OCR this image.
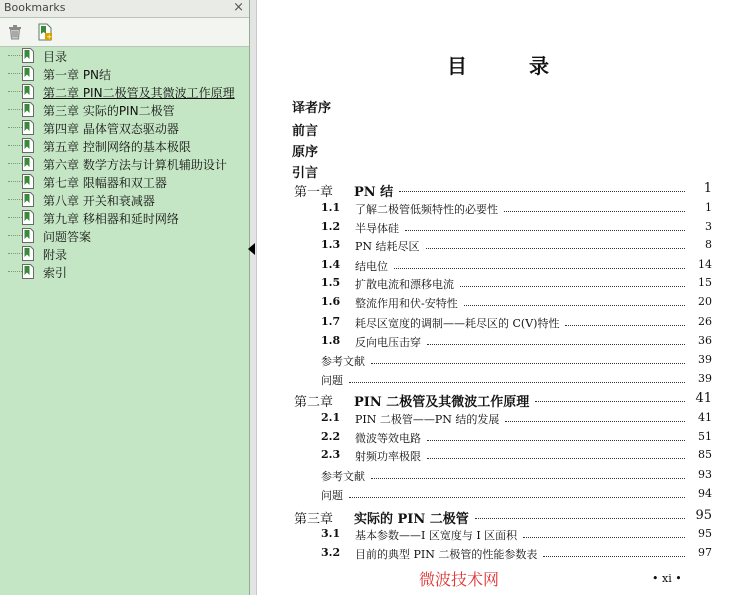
Bookmarks	×
+
目录
第一章 PN结
第二章 PIN二极管及其微波工作原理
第三章 实际的PIN二极管
第四章 晶体管双态驱动器
第五章 控制网络的基本极限
第六章 数学方法与计算机辅助设计
第七章 限幅器和双工器
第八章 开关和衰减器
第九章 移相器和延时网络
问题答案
附录
索引
目	录
译者序
前言
原序
引言
第一章 PN 结	1
1.1 了解二极管低频特性的必要性	1
1.2 半导体硅	3
1.3 PN 结耗尽区	8
1.4 结电位	14
1.5 扩散电流和漂移电流	15
1.6 整流作用和伏-安特性	20
1.7 耗尽区宽度的调制——耗尽区的 C(V)特性	26
1.8 反向电压击穿	36
参考文献	39
问题	39
第二章 PIN 二极管及其微波工作原理	41
2.1 PIN 二极管——PN 结的发展	41
2.2 微波等效电路	51
2.3 射频功率极限	85
参考文献	93
问题	94
第三章 实际的 PIN 二极管	95
3.1 基本参数——I 区宽度与 I 区面积	95
3.2 目前的典型 PIN 二极管的性能参数表	97
微波技术网	• xi •
